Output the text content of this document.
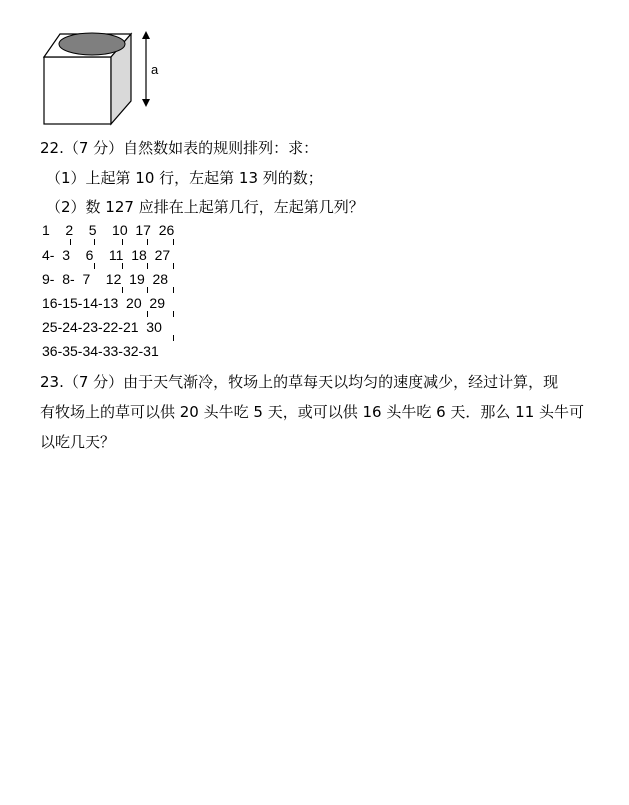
a
22.（7 分）自然数如表的规则排列：求：
（1）上起第 10 行，左起第 13 列的数；
（2）数 127 应排在上起第几行，左起第几列？
1    2    5    10  17  26
4-  3    6    11  18  27
9-  8-  7    12  19  28
16-15-14-13  20  29
25-24-23-22-21  30
36-35-34-33-32-31
23.（7 分）由于天气渐冷，牧场上的草每天以均匀的速度减少，经过计算，现
有牧场上的草可以供 20 头牛吃 5 天，或可以供 16 头牛吃 6 天．那么 11 头牛可
以吃几天？
